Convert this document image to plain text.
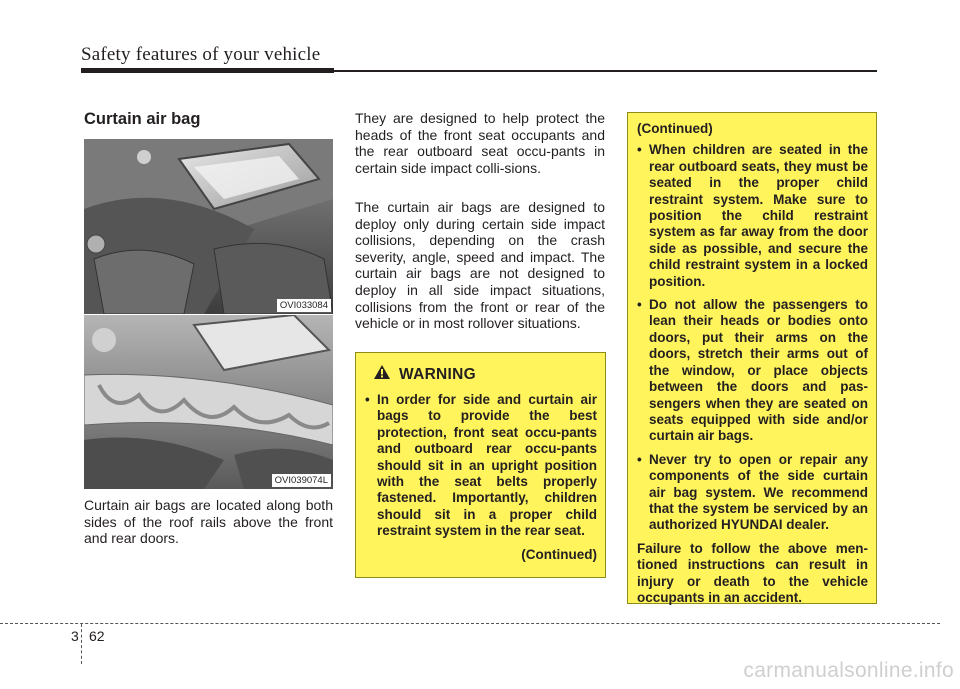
Safety features of your vehicle
Curtain air bag
OVI033084
OVI039074L

Curtain air bags are located along both sides of the roof rails above the front and rear doors.

They are designed to help protect the heads of the front seat occupants and the rear outboard seat occu-pants in certain side impact colli-sions.

The curtain air bags are designed to deploy only during certain side impact collisions, depending on the crash severity, angle, speed and impact. The curtain air bags are not designed to deploy in all side impact situations, collisions from the front or rear of the vehicle or in most rollover situations.

WARNING
• In order for side and curtain air bags to provide the best protection, front seat occu-pants and outboard rear occu-pants should sit in an upright position with the seat belts properly fastened. Importantly, children should sit in a proper child restraint system in the rear seat.
(Continued)
(Continued)
• When children are seated in the rear outboard seats, they must be seated in the proper child restraint system. Make sure to position the child restraint system as far away from the door side as possible, and secure the child restraint system in a locked position.
• Do not allow the passengers to lean their heads or bodies onto doors, put their arms on the doors, stretch their arms out of the window, or place objects between the doors and pas-sengers when they are seated on seats equipped with side and/or curtain air bags.
• Never try to open or repair any components of the side curtain air bag system. We recommend that the system be serviced by an authorized HYUNDAI dealer.
Failure to follow the above men-tioned instructions can result in injury or death to the vehicle occupants in an accident.
3 62
carmanualsonline.info
